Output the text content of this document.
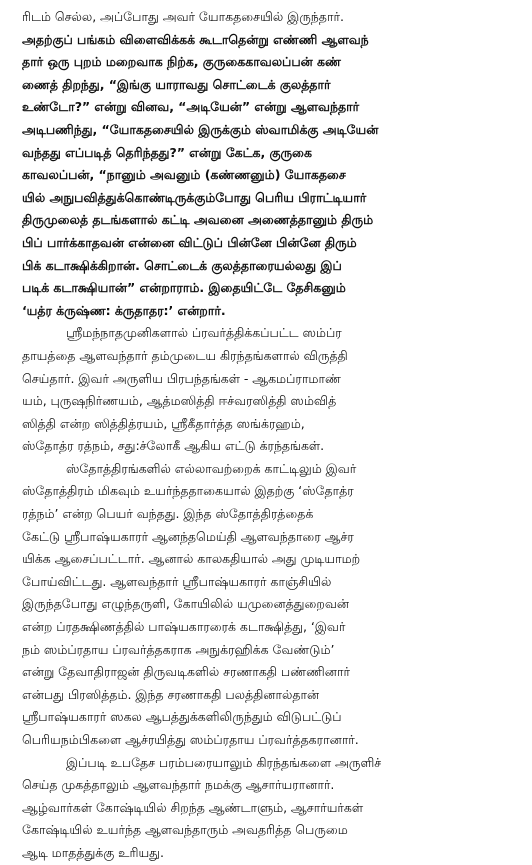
ரிடம் செல்ல, அப்போது அவர் யோகதசையில் இருந்தார்.
அதற்குப் பங்கம் விளைவிக்கக் கூடாதென்று எண்ணி ஆளவந்
தார் ஒரு புறம் மறைவாக நிற்க, குருகைகாவலப்பன் கண்
ணைத் திறந்து, “இங்கு யாராவது சொட்டைக் குலத்தார்
உண்டோ?” என்று வினவ, “அடியேன்” என்று ஆளவந்தார்
அடிபணிந்து, “யோகதசையில் இருக்கும் ஸ்வாமிக்கு அடியேன்
வந்தது எப்படித் தெரிந்தது?” என்று கேட்க, குருகை
காவலப்பன், “நானும் அவனும் (கண்ணனும்) யோகதசை
யில் அநுபவித்துக்கொண்டிருக்கும்போது பெரிய பிராட்டியார்
திருமுலைத் தடங்களால் கட்டி அவனை அணைத்தானும் திரும்
பிப் பார்க்காதவன் என்னை விட்டுப் பின்னே பின்னே திரும்
பிக் கடாக்ஷிக்கிறான். சொட்டைக் குலத்தாரையல்லது இப்
படிக் கடாக்ஷியான்” என்றாராம். இதையிட்டே தேசிகனும்
‘யத்ர க்ருஷ்ண: க்ருதாதர:’ என்றார்.
ஸ்ரீமந்நாதமுனிகளால் ப்ரவர்த்திக்கப்பட்ட ஸம்ப்ர
தாயத்தை ஆளவந்தார் தம்முடைய கிரந்தங்களால் விருத்தி
செய்தார். இவர் அருளிய பிரபந்தங்கள் - ஆகமப்ராமாண்
யம், புருஷநிர்ணயம், ஆத்மஸித்தி ஈச்வரஸித்தி ஸம்வித்
ஸித்தி என்ற ஸித்தித்ரயம், ஸ்ரீகீதார்த்த ஸங்க்ரஹம்,
ஸ்தோத்ர ரத்நம், சது:ச்லோகீ ஆகிய எட்டு க்ரந்தங்கள்.
ஸ்தோத்திரங்களில் எல்லாவற்றைக் காட்டிலும் இவர்
ஸ்தோத்திரம் மிகவும் உயர்ந்ததாகையால் இதற்கு ‘ஸ்தோத்ர
ரத்நம்’ என்ற பெயர் வந்தது. இந்த ஸ்தோத்திரத்தைக்
கேட்டு ஸ்ரீபாஷ்யகாரர் ஆனந்தமெய்தி ஆளவந்தாரை ஆச்ர
யிக்க ஆசைப்பட்டார். ஆனால் காலகதியால் அது முடியாமற்
போய்விட்டது. ஆளவந்தார் ஸ்ரீபாஷ்யகாரர் காஞ்சியில்
இருந்தபோது எழுந்தருளி, கோயிலில் யமுனைத்துறைவன்
என்ற ப்ரதக்ஷிணத்தில் பாஷ்யகாரரைக் கடாக்ஷித்து, ‘இவர்
நம் ஸம்ப்ரதாய ப்ரவர்த்தகராக அநுக்ரஹிக்க வேண்டும்’
என்று தேவாதிராஜன் திருவடிகளில் சரணாகதி பண்ணினார்
என்பது பிரஸித்தம். இந்த சரணாகதி பலத்தினால்தான்
ஸ்ரீபாஷ்யகாரர் ஸகல ஆபத்துக்களிலிருந்தும் விடுபட்டுப்
பெரியநம்பிகளை ஆச்ரயித்து ஸம்ப்ரதாய ப்ரவர்த்தகரானார்.
இப்படி உபதேச பரம்பரையாலும் கிரந்தங்களை அருளிச்
செய்த முகத்தாலும் ஆளவந்தார் நமக்கு ஆசார்யரானார்.
ஆழ்வார்கள் கோஷ்டியில் சிறந்த ஆண்டாளும், ஆசார்யர்கள்
கோஷ்டியில் உயர்ந்த ஆளவந்தாரும் அவதரித்த பெருமை
ஆடி மாதத்துக்கு உரியது.
